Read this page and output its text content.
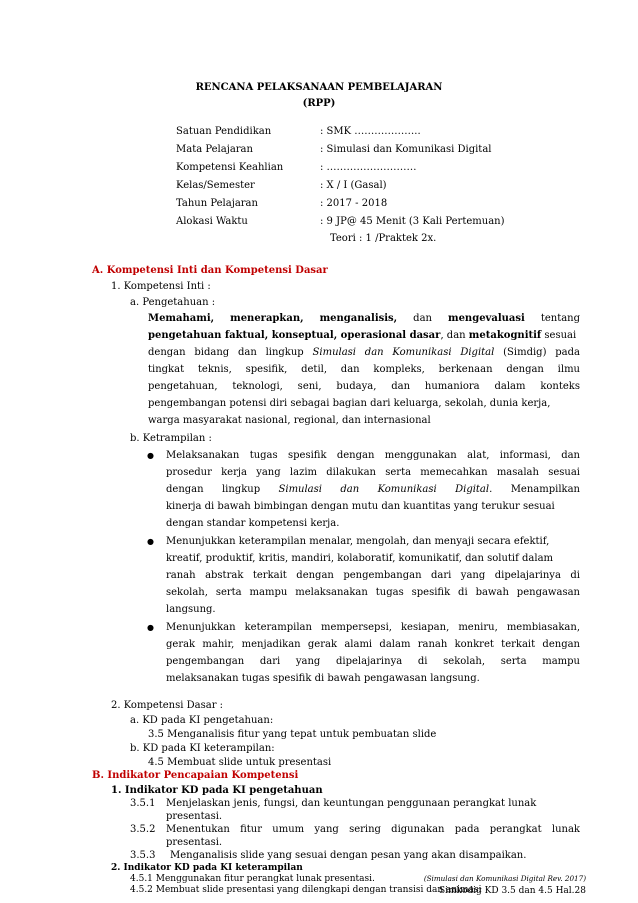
RENCANA PELAKSANAAN PEMBELAJARAN
(RPP)
Satuan Pendidikan	: SMK ………………..
Mata Pelajaran	: Simulasi dan Komunikasi Digital
Kompetensi Keahlian	: ………………………
Kelas/Semester	: X / I (Gasal)
Tahun Pelajaran	: 2017 - 2018
Alokasi Waktu	: 9 JP@ 45 Menit (3 Kali Pertemuan)
Teori : 1 /Praktek 2x.
A. Kompetensi Inti dan Kompetensi Dasar
1. Kompetensi Inti :
a. Pengetahuan :
Memahami, menerapkan, menganalisis, dan mengevaluasi tentang
pengetahuan faktual, konseptual, operasional dasar, dan metakognitif sesuai
dengan bidang dan lingkup Simulasi dan Komunikasi Digital (Simdig) pada
tingkat teknis, spesifik, detil, dan kompleks, berkenaan dengan ilmu
pengetahuan, teknologi, seni, budaya, dan humaniora dalam konteks
pengembangan potensi diri sebagai bagian dari keluarga, sekolah, dunia kerja,
warga masyarakat nasional, regional, dan internasional
b. Ketrampilan :
● Melaksanakan tugas spesifik dengan menggunakan alat, informasi, dan
prosedur kerja yang lazim dilakukan serta memecahkan masalah sesuai
dengan lingkup Simulasi dan Komunikasi Digital. Menampilkan
kinerja di bawah bimbingan dengan mutu dan kuantitas yang terukur sesuai
dengan standar kompetensi kerja.
● Menunjukkan keterampilan menalar, mengolah, dan menyaji secara efektif,
kreatif, produktif, kritis, mandiri, kolaboratif, komunikatif, dan solutif dalam
ranah abstrak terkait dengan pengembangan dari yang dipelajarinya di
sekolah, serta mampu melaksanakan tugas spesifik di bawah pengawasan
langsung.
● Menunjukkan keterampilan mempersepsi, kesiapan, meniru, membiasakan,
gerak mahir, menjadikan gerak alami dalam ranah konkret terkait dengan
pengembangan dari yang dipelajarinya di sekolah, serta mampu
melaksanakan tugas spesifik di bawah pengawasan langsung.
2. Kompetensi Dasar :
a. KD pada KI pengetahuan:
3.5 Menganalisis fitur yang tepat untuk pembuatan slide
b. KD pada KI keterampilan:
4.5 Membuat slide untuk presentasi
B. Indikator Pencapaian Kompetensi
1. Indikator KD pada KI pengetahuan
3.5.1 Menjelaskan jenis, fungsi, dan keuntungan penggunaan perangkat lunak
presentasi.
3.5.2 Menentukan fitur umum yang sering digunakan pada perangkat lunak
presentasi.
3.5.3 Menganalisis slide yang sesuai dengan pesan yang akan disampaikan.
2. Indikator KD pada KI keterampilan
4.5.1 Menggunakan fitur perangkat lunak presentasi.
4.5.2 Membuat slide presentasi yang dilengkapi dengan transisi dan animasi
(Simulasi dan Komunikasi Digital Rev. 2017)
Simkodig KD 3.5 dan 4.5 Hal.28
